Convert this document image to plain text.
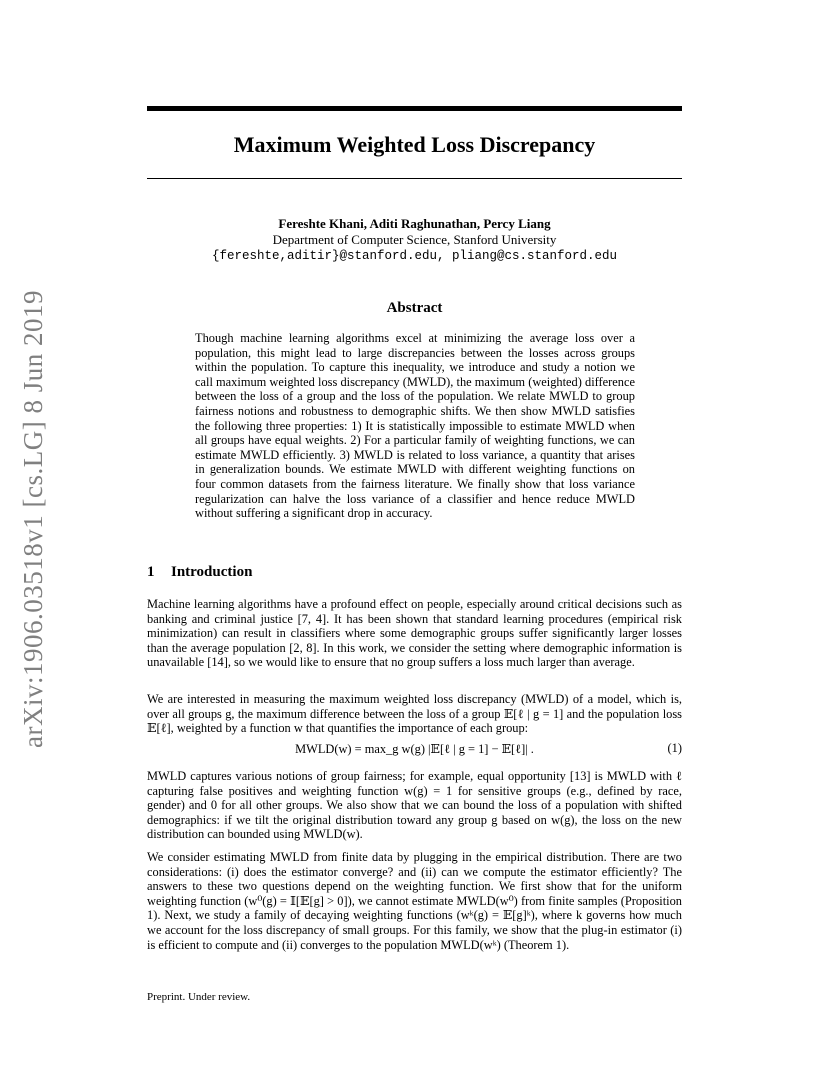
arXiv:1906.03518v1 [cs.LG] 8 Jun 2019
Maximum Weighted Loss Discrepancy
Fereshte Khani, Aditi Raghunathan, Percy Liang
Department of Computer Science, Stanford University
{fereshte,aditir}@stanford.edu, pliang@cs.stanford.edu
Abstract
Though machine learning algorithms excel at minimizing the average loss over a population, this might lead to large discrepancies between the losses across groups within the population. To capture this inequality, we introduce and study a notion we call maximum weighted loss discrepancy (MWLD), the maximum (weighted) difference between the loss of a group and the loss of the population. We relate MWLD to group fairness notions and robustness to demographic shifts. We then show MWLD satisfies the following three properties: 1) It is statistically impossible to estimate MWLD when all groups have equal weights. 2) For a particular family of weighting functions, we can estimate MWLD efficiently. 3) MWLD is related to loss variance, a quantity that arises in generalization bounds. We estimate MWLD with different weighting functions on four common datasets from the fairness literature. We finally show that loss variance regularization can halve the loss variance of a classifier and hence reduce MWLD without suffering a significant drop in accuracy.
1 Introduction
Machine learning algorithms have a profound effect on people, especially around critical decisions such as banking and criminal justice [7, 4]. It has been shown that standard learning procedures (empirical risk minimization) can result in classifiers where some demographic groups suffer significantly larger losses than the average population [2, 8]. In this work, we consider the setting where demographic information is unavailable [14], so we would like to ensure that no group suffers a loss much larger than average.
We are interested in measuring the maximum weighted loss discrepancy (MWLD) of a model, which is, over all groups g, the maximum difference between the loss of a group 𝔼[ℓ | g = 1] and the population loss 𝔼[ℓ], weighted by a function w that quantifies the importance of each group:
MWLD(w) = max_g w(g) |𝔼[ℓ | g = 1] − 𝔼[ℓ]| .	(1)
MWLD captures various notions of group fairness; for example, equal opportunity [13] is MWLD with ℓ capturing false positives and weighting function w(g) = 1 for sensitive groups (e.g., defined by race, gender) and 0 for all other groups. We also show that we can bound the loss of a population with shifted demographics: if we tilt the original distribution toward any group g based on w(g), the loss on the new distribution can bounded using MWLD(w).
We consider estimating MWLD from finite data by plugging in the empirical distribution. There are two considerations: (i) does the estimator converge? and (ii) can we compute the estimator efficiently? The answers to these two questions depend on the weighting function. We first show that for the uniform weighting function (w⁰(g) = 𝕀[𝔼[g] > 0]), we cannot estimate MWLD(w⁰) from finite samples (Proposition 1). Next, we study a family of decaying weighting functions (wᵏ(g) = 𝔼[g]ᵏ), where k governs how much we account for the loss discrepancy of small groups. For this family, we show that the plug-in estimator (i) is efficient to compute and (ii) converges to the population MWLD(wᵏ) (Theorem 1).
Preprint. Under review.
